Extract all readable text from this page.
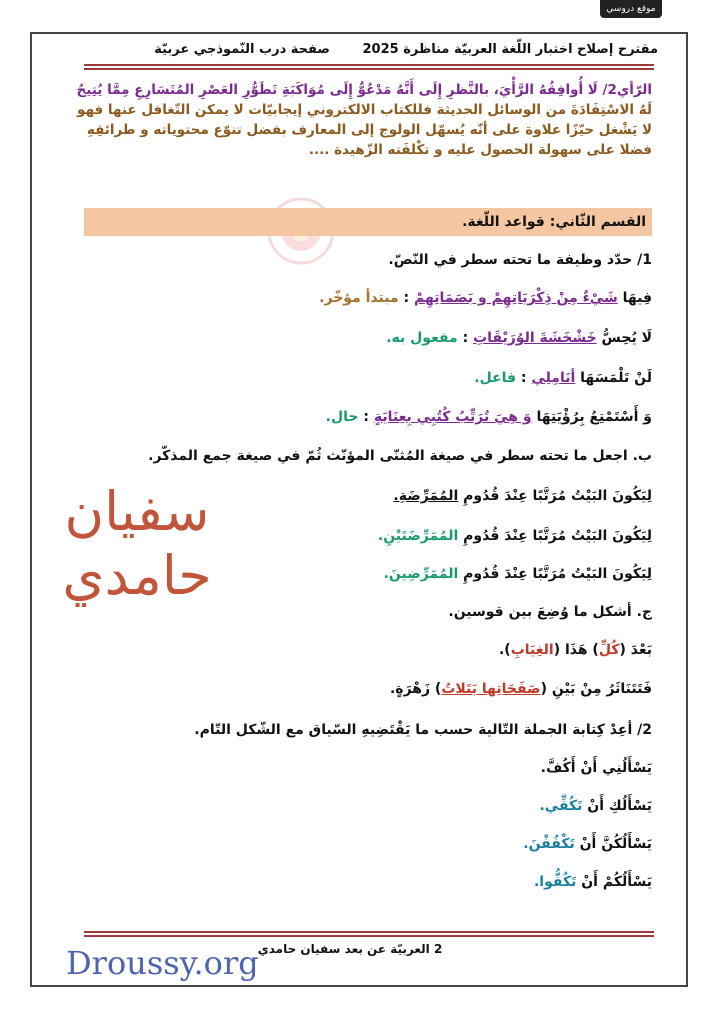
موقع دروسي
مقترح إصلاح اختبار اللّغة العربيّة مناظرة 2025 صفحة درب النّموذجي عربيّة
الرّأي2/ لَا أُوافِقُهُ الرَّأْيَ، بالنَّظرِ إِلَى أَنَّهُ مَدْعُوٌّ إِلَى مُوَاكَبَةِ تَطَوُّرِ العَصْرِ المُتَسَارِعِ مِمَّا يُتِيحُ لَهُ الاسْتِفَادَةَ من الوسائل الحديثة فللكتاب الالكتروني إيجابيّات لا يمكن التّغافل عنها فهو لا يَشْغل حيّزًا علاوة على أنّه يُسهّل الولوج إلى المعارف بفضل تنوّع محتوياته و طرائقِهِ فضلا على سهولة الحصول عليه و تكْلفَته الزّهيدة ....
القسم الثّاني: قواعد اللّغة.
1/ حدّد وظيفة ما تحته سطر في النّصّ.
فِيهَا شَيْءٌ مِنْ ذِكْرَيَاتِهِمْ و بَصَمَاتِهِمْ : مبتدأ مؤخّر.
لَا يُحِسُّ خَشْخَشَةَ الوُرَيْقَاتِ : مفعول به.
لَنْ تَلْمَسَهَا أنَامِلِي : فاعل.
وَ أَسْتَمْتِعُ بِرُؤْيَتِهَا وَ هِيَ تُرَتِّبُ كُتُبِي بِعِنَايَةٍ : حال.
ب. اجعل ما تحته سطر في صيغة المُثنّى المؤنّث ثُمّ في صيغة جمع المذكّر.
لِيَكُونَ البَيْتُ مُرَتَّبًا عِنْدَ قُدُومِ المُمَرِّضَةِ.
لِيَكُونَ البَيْتُ مُرَتَّبًا عِنْدَ قُدُومِ المُمَرِّضَتَيْنِ.
لِيَكُونَ البَيْتُ مُرَتَّبًا عِنْدَ قُدُومِ المُمَرِّضِينَ.
ج. أشكل ما وُضِعَ بين قوسين.
بَعْدَ (كُلِّ) هَذَا (الغِيَابِ).
فَتَتَنَاثَرُ مِنْ بَيْنِ (صَفَحَاتِها بَتَلاتُ) زَهْرَةٍ.
2/ أعِدْ كِتابة الجملة التّالية حسب ما يَقْتَضِيهِ السّياق مع الشّكل التّام.
يَسْأَلُنِي أَنْ أَكُفَّ.
يَسْأَلُكِ أَنْ تَكُفِّي.
يَسْأَلُكُنَّ أَنْ تَكْفُفْنَ.
يَسْأَلُكُمْ أَنْ تَكُفُّوا.
سفيان
حامدي
2 العربيّة عن بعد سفيان حامدي
Droussy.org
